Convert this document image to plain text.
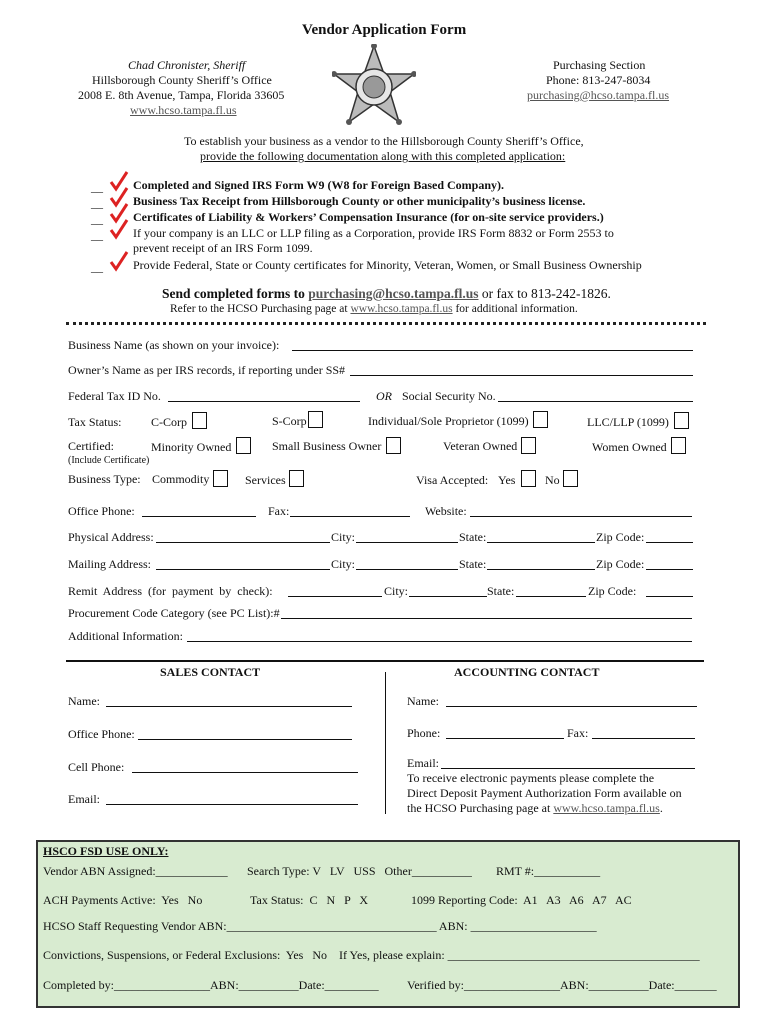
Vendor Application Form
Chad Chronister, Sheriff
Hillsborough County Sheriff’s Office
2008 E. 8th Avenue, Tampa, Florida 33605
www.hcso.tampa.fl.us
Purchasing Section
Phone: 813-247-8034
purchasing@hcso.tampa.fl.us
To establish your business as a vendor to the Hillsborough County Sheriff’s Office,
provide the following documentation along with this completed application:
__	Completed and Signed IRS Form W9 (W8 for Foreign Based Company).
__	Business Tax Receipt from Hillsborough County or other municipality’s business license.
__	Certificates of Liability & Workers’ Compensation Insurance (for on-site service providers.)
__	If your company is an LLC or LLP filing as a Corporation, provide IRS Form 8832 or Form 2553 to
prevent receipt of an IRS Form 1099.
__	Provide Federal, State or County certificates for Minority, Veteran, Women, or Small Business Ownership
Send completed forms to purchasing@hcso.tampa.fl.us or fax to 813-242-1826.
Refer to the HCSO Purchasing page at www.hcso.tampa.fl.us for additional information.
Business Name (as shown on your invoice):
Owner’s Name as per IRS records, if reporting under SS#
Federal Tax ID No.	OR Social Security No.
Tax Status: C-Corp	S-Corp	Individual/Sole Proprietor (1099)	LLC/LLP (1099)
Certified:
(Include Certificate)
Minority Owned	Small Business Owner	Veteran Owned	Women Owned
Business Type: Commodity	Services	Visa Accepted: Yes No
Office Phone:	Fax:	Website:
Physical Address:	City:	State:	Zip Code:
Mailing Address:	City:	State:	Zip Code:
Remit Address (for payment by check):	City:	State:	Zip Code:
Procurement Code Category (see PC List):#
Additional Information:
SALES CONTACT
Name:
Office Phone:
Cell Phone:
Email:
ACCOUNTING CONTACT
Name:
Phone:	Fax:
Email:
To receive electronic payments please complete the
Direct Deposit Payment Authorization Form available on
the HCSO Purchasing page at www.hcso.tampa.fl.us.
HSCO FSD USE ONLY:
Vendor ABN Assigned:____________ Search Type: V   LV   USS   Other__________ RMT #:___________
ACH Payments Active:  Yes   No	Tax Status:  C   N   P   X	1099 Reporting Code:  A1   A3   A6   A7   AC
HCSO Staff Requesting Vendor ABN:___________________________________ ABN: _____________________
Convictions, Suspensions, or Federal Exclusions:  Yes   No    If Yes, please explain: __________________________________________
Completed by:________________ABN:__________Date:_________ Verified by:________________ABN:__________Date:_______
